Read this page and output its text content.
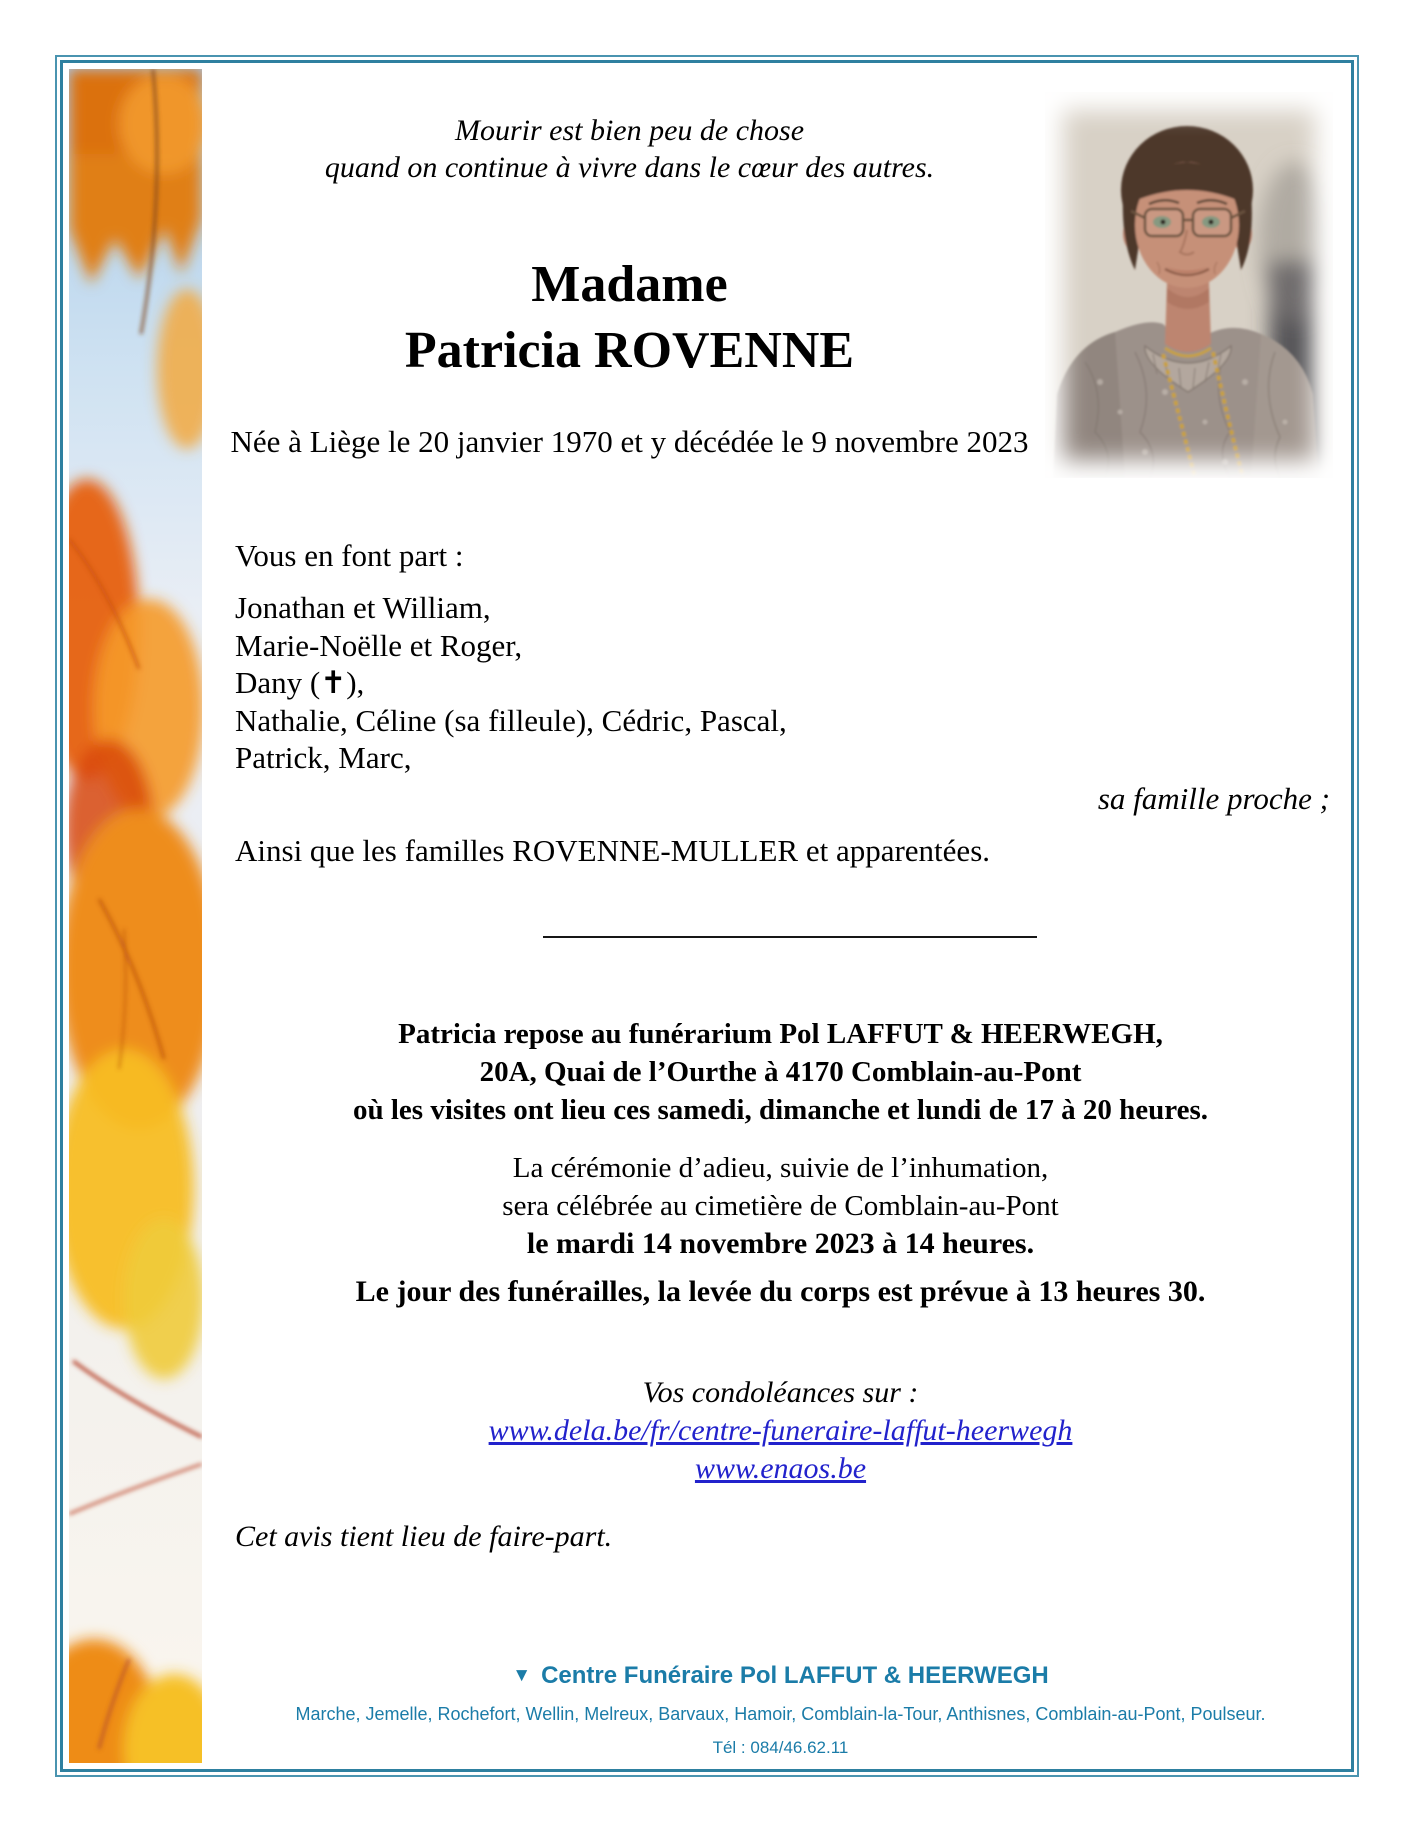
Mourir est bien peu de chose
quand on continue à vivre dans le cœur des autres.
Madame
Patricia ROVENNE
Née à Liège le 20 janvier 1970 et y décédée le 9 novembre 2023
Vous en font part :
Jonathan et William,
Marie-Noëlle et Roger,
Dany (✝),
Nathalie, Céline (sa filleule), Cédric, Pascal,
Patrick, Marc,
sa famille proche ;
Ainsi que les familles ROVENNE-MULLER et apparentées.
Patricia repose au funérarium Pol LAFFUT & HEERWEGH,
20A, Quai de l’Ourthe à 4170 Comblain-au-Pont
où les visites ont lieu ces samedi, dimanche et lundi de 17 à 20 heures.
La cérémonie d’adieu, suivie de l’inhumation,
sera célébrée au cimetière de Comblain-au-Pont
le mardi 14 novembre 2023 à 14 heures.
Le jour des funérailles, la levée du corps est prévue à 13 heures 30.
Vos condoléances sur :
www.dela.be/fr/centre-funeraire-laffut-heerwegh
www.enaos.be
Cet avis tient lieu de faire-part.
▼ Centre Funéraire Pol LAFFUT & HEERWEGH
Marche, Jemelle, Rochefort, Wellin, Melreux, Barvaux, Hamoir, Comblain-la-Tour, Anthisnes, Comblain-au-Pont, Poulseur.
Tél : 084/46.62.11
